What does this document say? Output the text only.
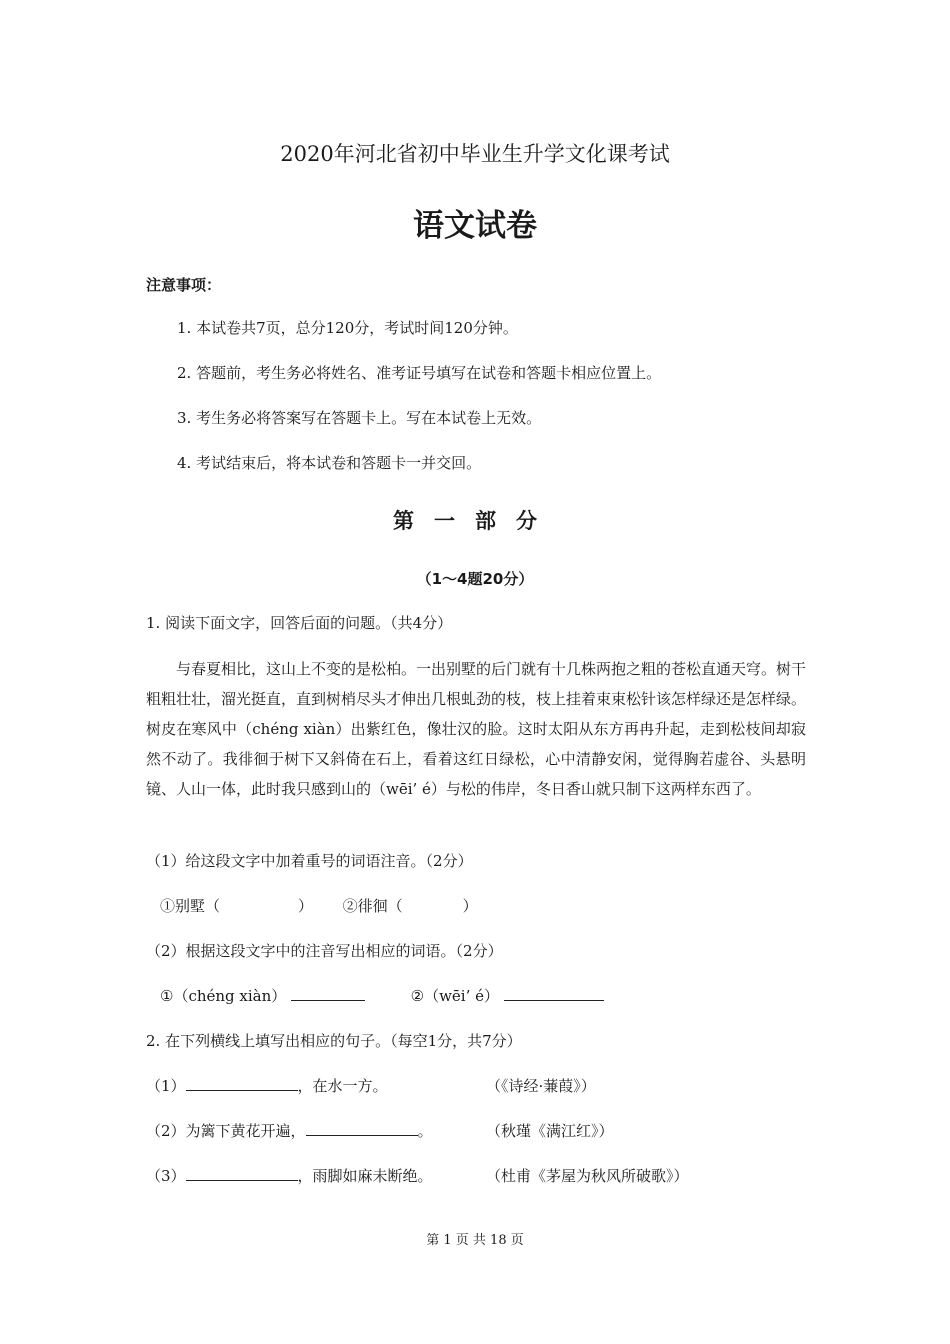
2020年河北省初中毕业生升学文化课考试
语文试卷
注意事项：
1. 本试卷共7页，总分120分，考试时间120分钟。
2. 答题前，考生务必将姓名、准考证号填写在试卷和答题卡相应位置上。
3. 考生务必将答案写在答题卡上。写在本试卷上无效。
4. 考试结束后，将本试卷和答题卡一并交回。
第一部分
（1～4题20分）
1. 阅读下面文字，回答后面的问题。（共4分）
与春夏相比，这山上不变的是松柏。一出别墅的后门就有十几株两抱之粗的苍松直通天穹。树干粗粗壮壮，溜光挺直，直到树梢尽头才伸出几根虬劲的枝，枝上挂着束束松针该怎样绿还是怎样绿。树皮在寒风中（chéng xiàn）出紫红色，像壮汉的脸。这时太阳从东方再冉升起，走到松枝间却寂然不动了。我徘徊于树下又斜倚在石上，看着这红日绿松，心中清静安闲，觉得胸若虚谷、头悬明镜、人山一体，此时我只感到山的（wēi’ é）与松的伟岸，冬日香山就只制下这两样东西了。
（1）给这段文字中加着重号的词语注音。（2分）
①别墅（	） ②徘徊（	）
（2）根据这段文字中的注音写出相应的词语。（2分）
①（chéng xiàn）	②（wēi’ é）
2. 在下列横线上填写出相应的句子。（每空1分，共7分）
（1）	，在水一方。	（《诗经·蒹葭》）
（2）为篱下黄花开遍，	。	（秋瑾《满江红》）
（3）	，雨脚如麻未断绝。	（杜甫《茅屋为秋风所破歌》）
第 1 页 共 18 页
